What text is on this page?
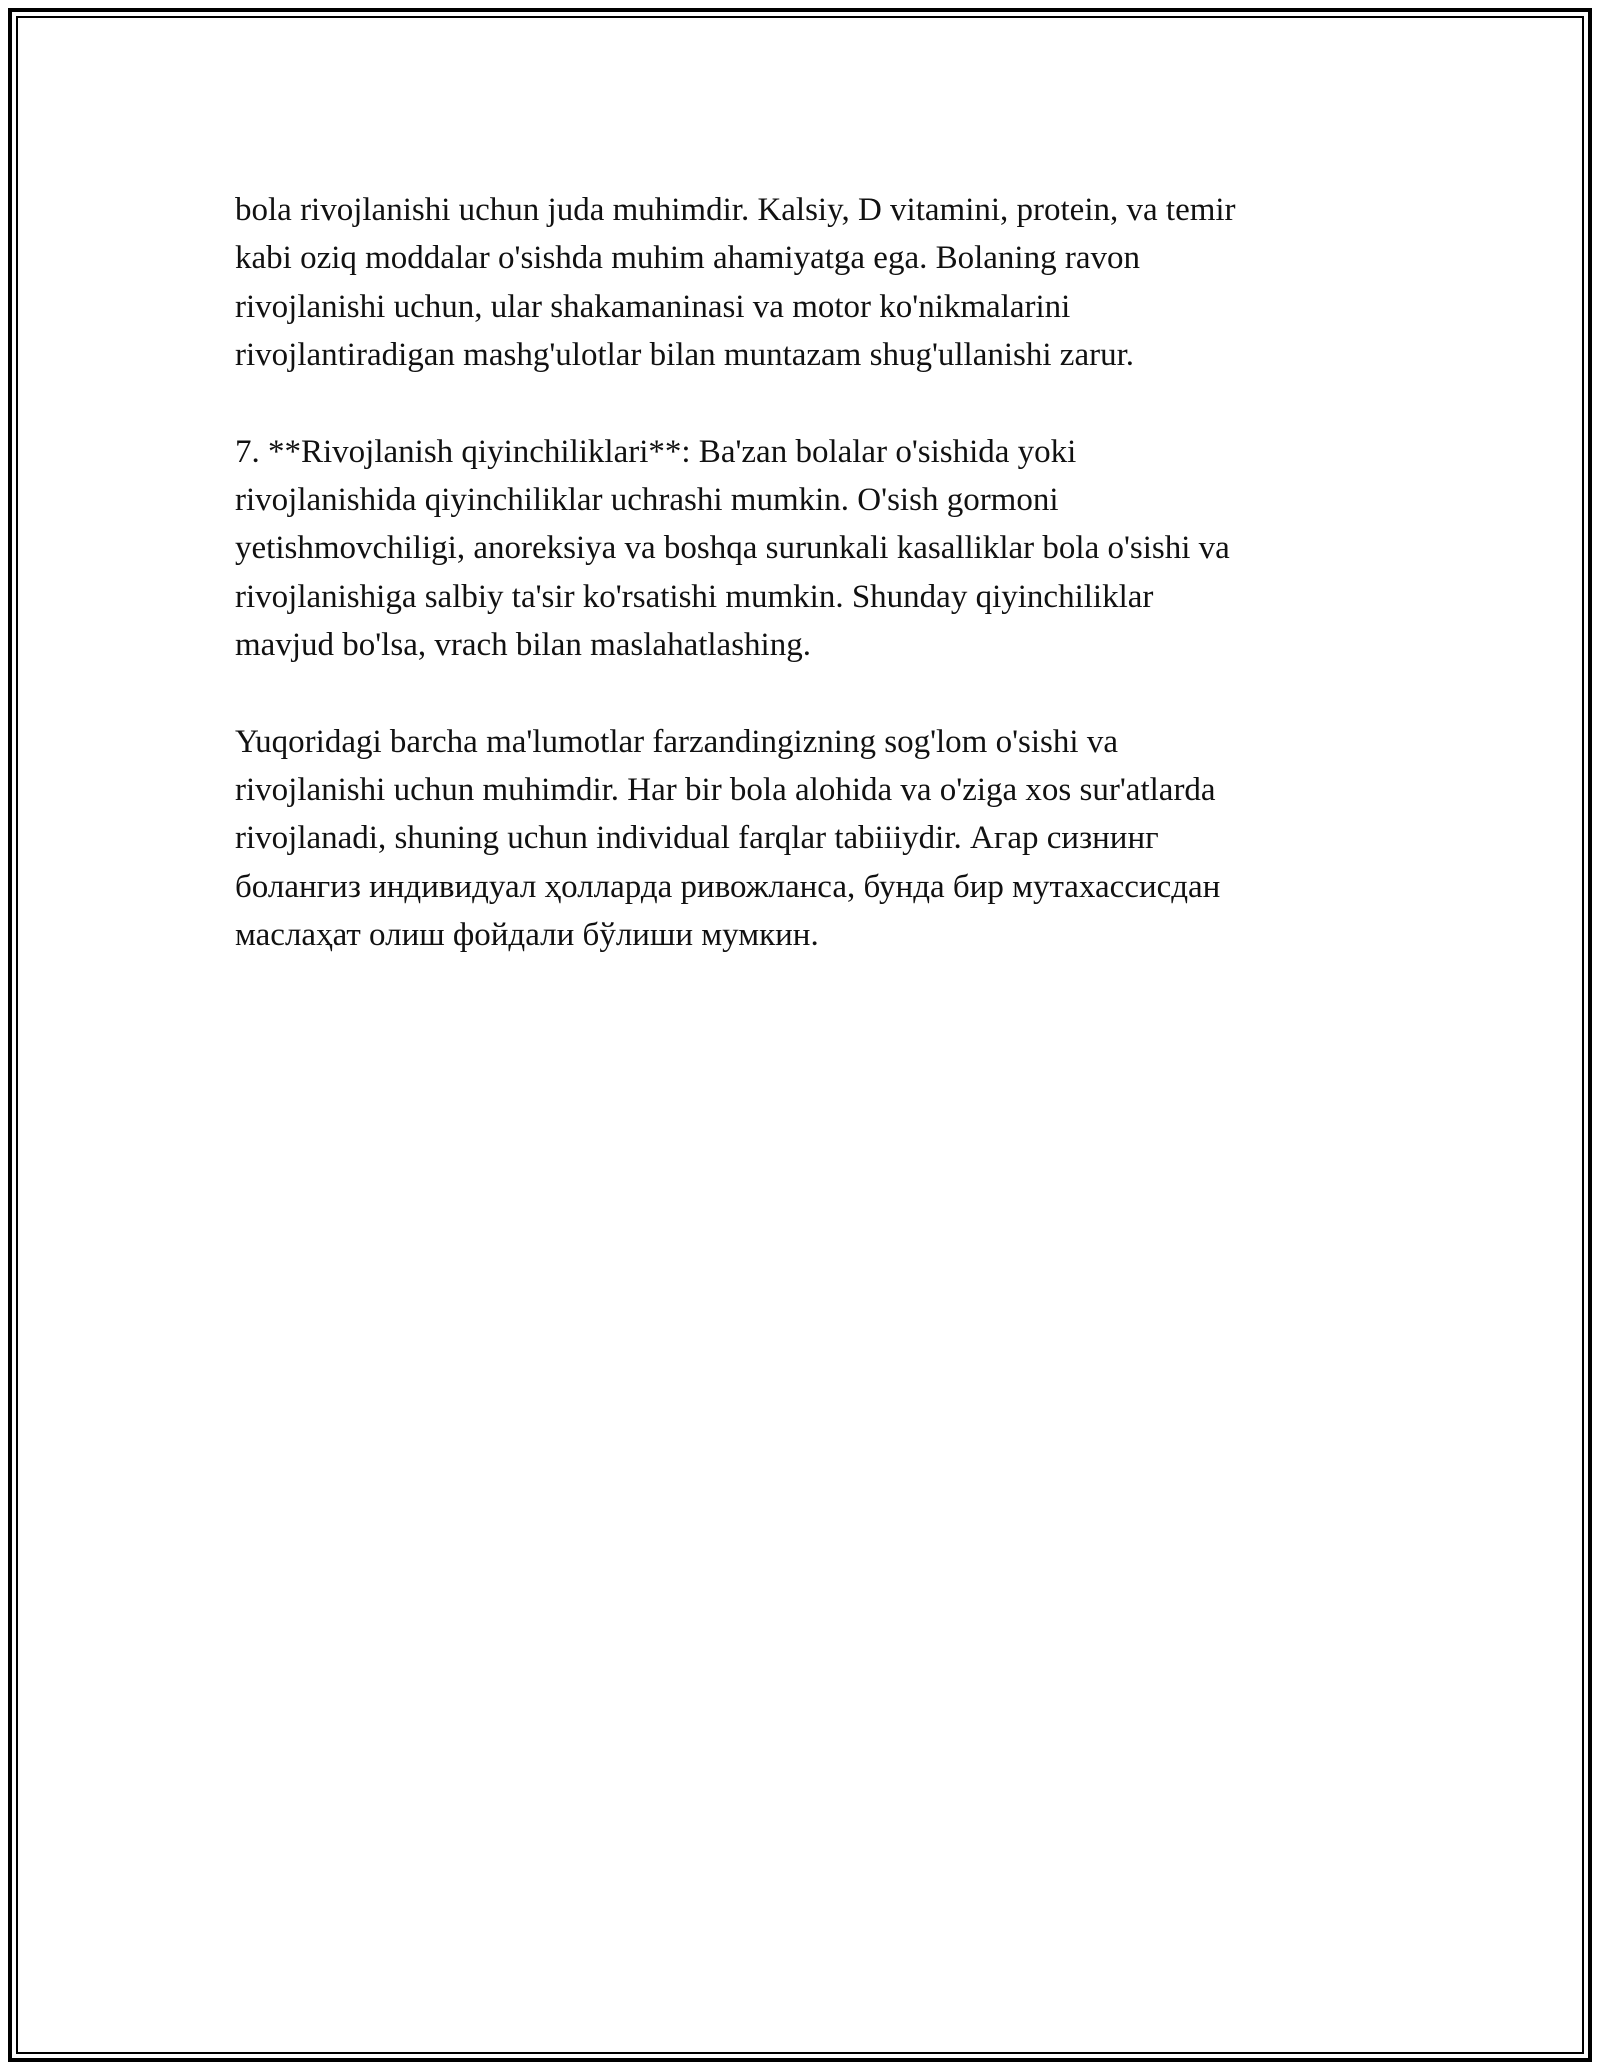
bola rivojlanishi uchun juda muhimdir. Kalsiy, D vitamini, protein, va temir
kabi oziq moddalar o'sishda muhim ahamiyatga ega. Bolaning ravon
rivojlanishi uchun, ular shakamaninasi va motor ko'nikmalarini
rivojlantiradigan mashg'ulotlar bilan muntazam shug'ullanishi zarur.
7. **Rivojlanish qiyinchiliklari**: Ba'zan bolalar o'sishida yoki
rivojlanishida qiyinchiliklar uchrashi mumkin. O'sish gormoni
yetishmovchiligi, anoreksiya va boshqa surunkali kasalliklar bola o'sishi va
rivojlanishiga salbiy ta'sir ko'rsatishi mumkin. Shunday qiyinchiliklar
mavjud bo'lsa, vrach bilan maslahatlashing.
Yuqoridagi barcha ma'lumotlar farzandingizning sog'lom o'sishi va
rivojlanishi uchun muhimdir. Har bir bola alohida va o'ziga xos sur'atlarda
rivojlanadi, shuning uchun individual farqlar tabiiiydir. Агар сизнинг
болангиз индивидуал ҳолларда ривожланса, бунда бир мутахассисдан
маслаҳат олиш фойдали бўлиши мумкин.
